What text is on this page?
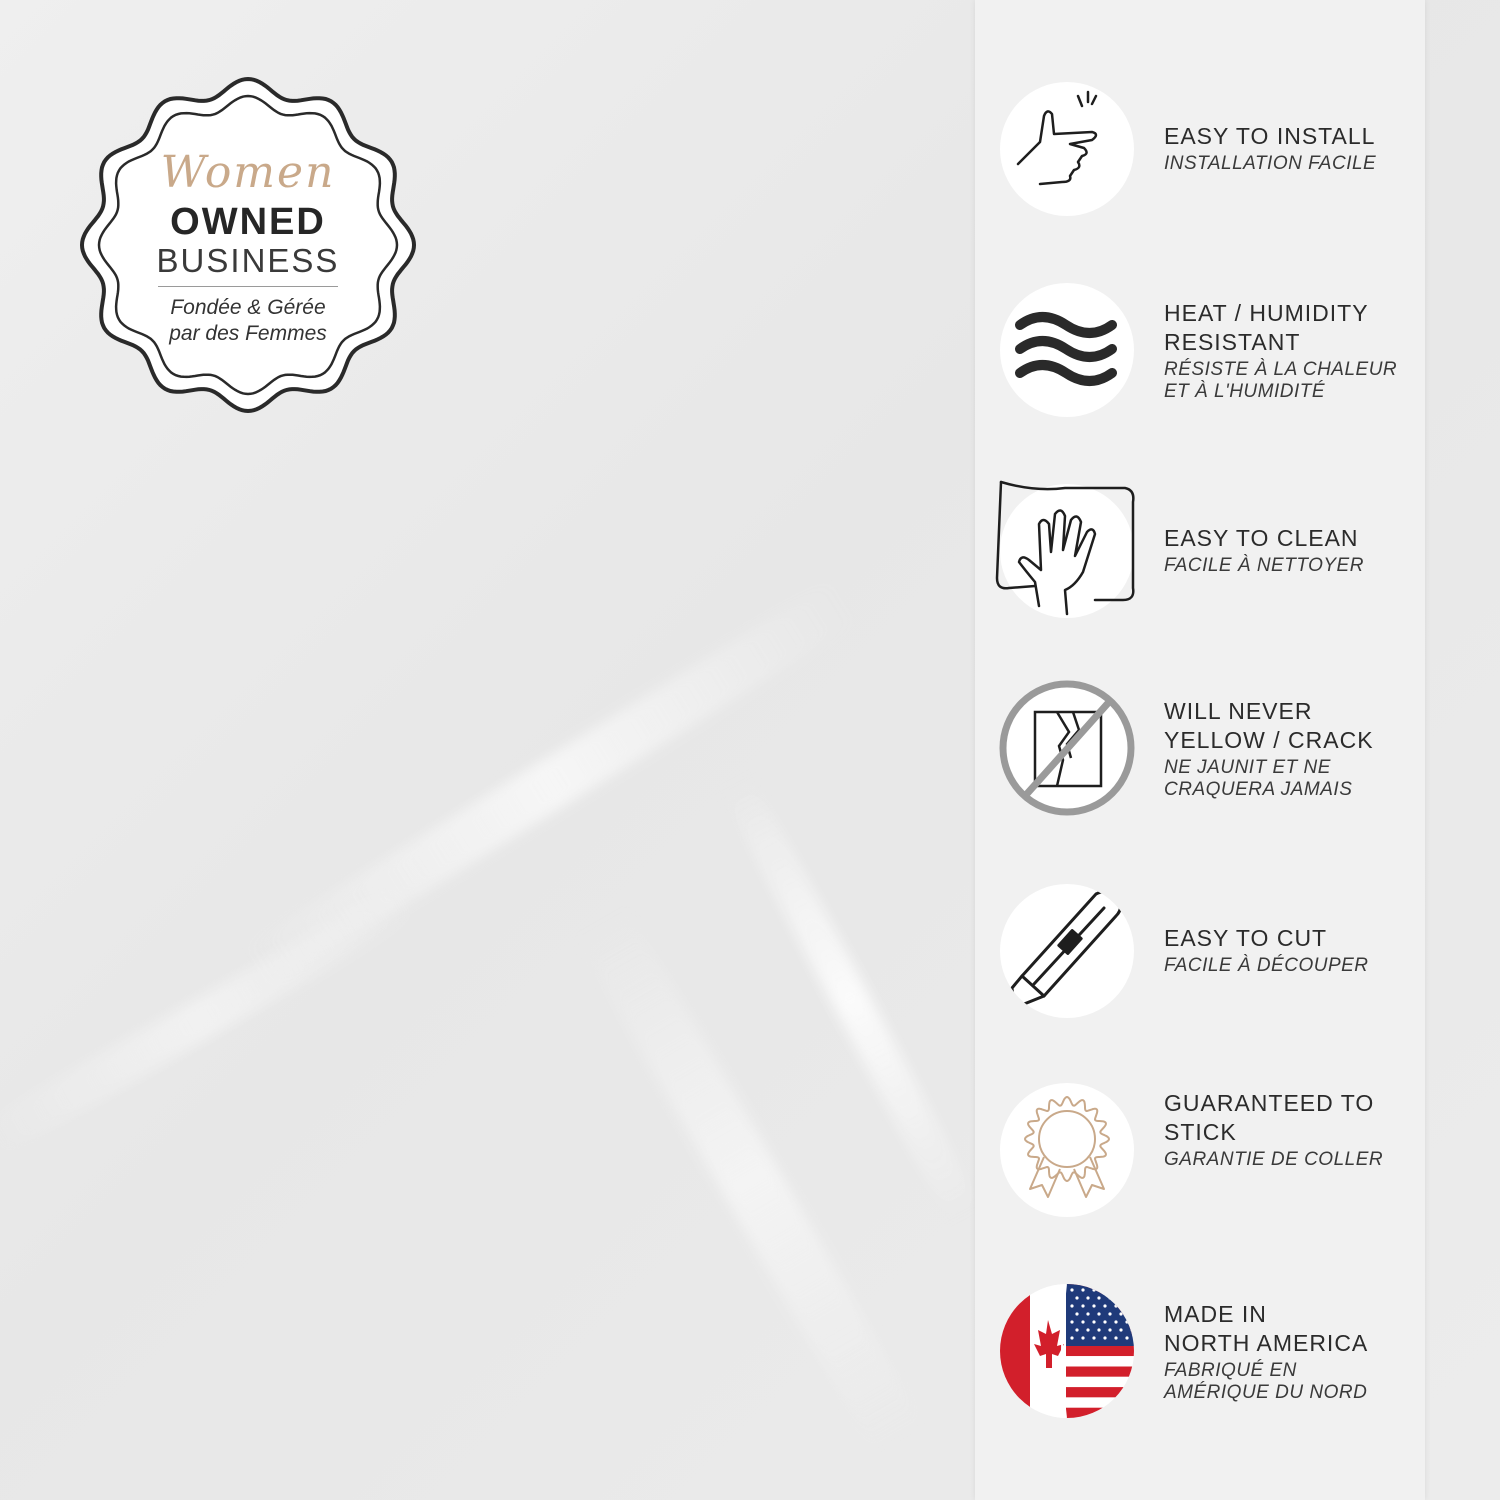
Women
OWNED
BUSINESS
Fondée & Gérée
par des Femmes
EASY TO INSTALL
INSTALLATION FACILE
HEAT / HUMIDITY
RESISTANT
RÉSISTE À LA CHALEUR
ET À L'HUMIDITÉ
EASY TO CLEAN
FACILE À NETTOYER
WILL NEVER
YELLOW / CRACK
NE JAUNIT ET NE
CRAQUERA JAMAIS
EASY TO CUT
FACILE À DÉCOUPER
GUARANTEED TO
STICK
GARANTIE DE COLLER
MADE IN
NORTH AMERICA
FABRIQUÉ EN
AMÉRIQUE DU NORD
